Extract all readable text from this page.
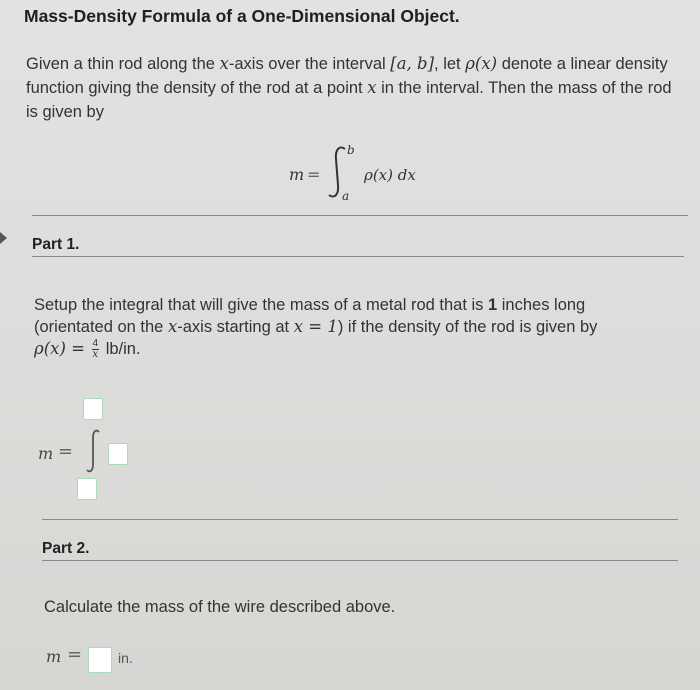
Mass-Density Formula of a One-Dimensional Object.
Given a thin rod along the x-axis over the interval [a, b], let ρ(x) denote a linear density function giving the density of the rod at a point x in the interval. Then the mass of the rod is given by
m =
b
a
ρ(x) dx
Part 1.
Setup the integral that will give the mass of a metal rod that is 1 inches long
(orientated on the x-axis starting at x = 1) if the density of the rod is given by
$\rho(x) = \frac{4}{x} lb/in$.
m =
Part 2.
Calculate the mass of the wire described above.
m =	in.
